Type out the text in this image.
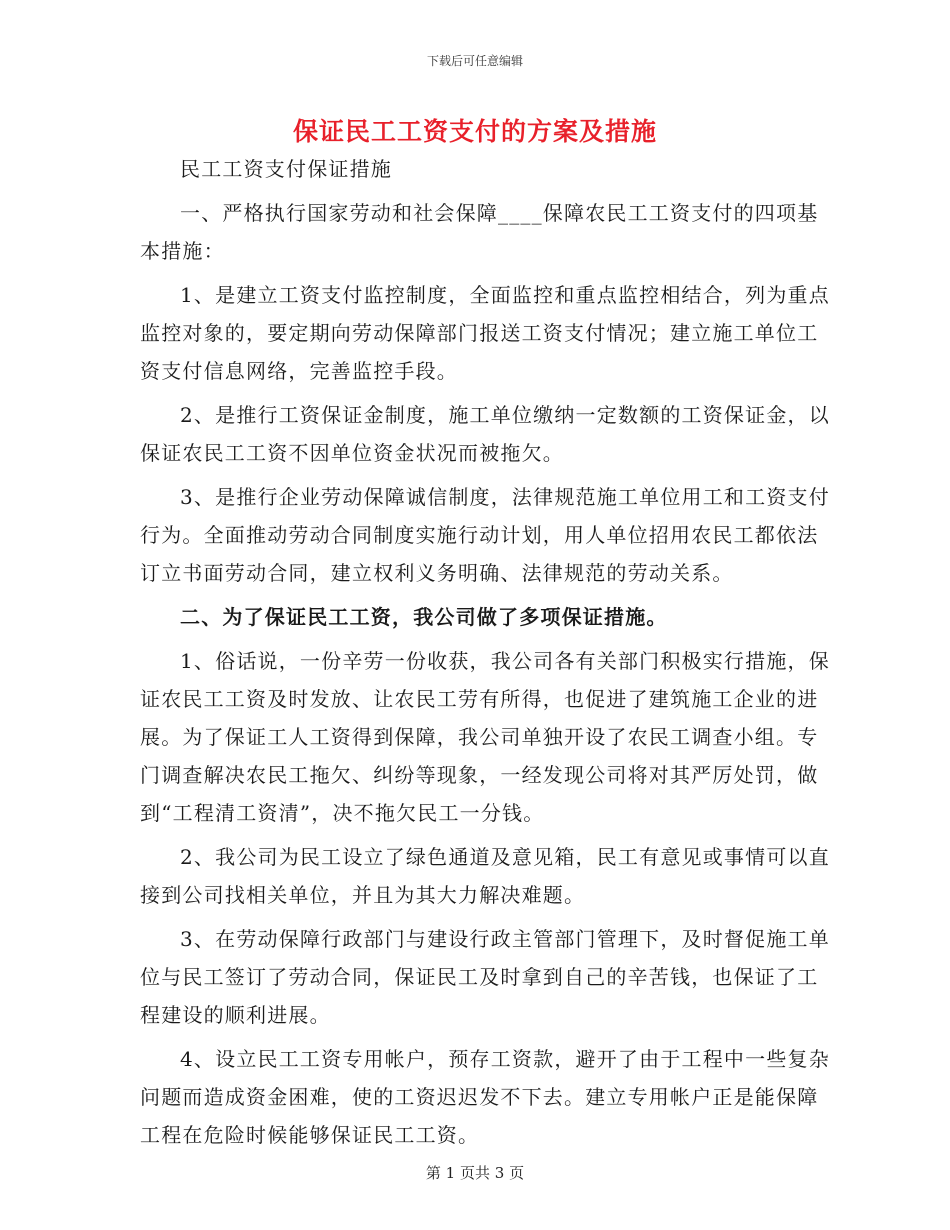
下载后可任意编辑
保证民工工资支付的方案及措施

民工工资支付保证措施

一、严格执行国家劳动和社会保障____保障农民工工资支付的四项基本措施：

1、是建立工资支付监控制度，全面监控和重点监控相结合，列为重点监控对象的，要定期向劳动保障部门报送工资支付情况；建立施工单位工资支付信息网络，完善监控手段。

2、是推行工资保证金制度，施工单位缴纳一定数额的工资保证金，以保证农民工工资不因单位资金状况而被拖欠。

3、是推行企业劳动保障诚信制度，法律规范施工单位用工和工资支付行为。全面推动劳动合同制度实施行动计划，用人单位招用农民工都依法订立书面劳动合同，建立权利义务明确、法律规范的劳动关系。

二、为了保证民工工资，我公司做了多项保证措施。

1、俗话说，一份辛劳一份收获，我公司各有关部门积极实行措施，保证农民工工资及时发放、让农民工劳有所得，也促进了建筑施工企业的进展。为了保证工人工资得到保障，我公司单独开设了农民工调查小组。专门调查解决农民工拖欠、纠纷等现象，一经发现公司将对其严厉处罚，做到“工程清工资清”，决不拖欠民工一分钱。

2、我公司为民工设立了绿色通道及意见箱，民工有意见或事情可以直接到公司找相关单位，并且为其大力解决难题。

3、在劳动保障行政部门与建设行政主管部门管理下，及时督促施工单位与民工签订了劳动合同，保证民工及时拿到自己的辛苦钱，也保证了工程建设的顺利进展。

4、设立民工工资专用帐户，预存工资款，避开了由于工程中一些复杂问题而造成资金困难，使的工资迟迟发不下去。建立专用帐户正是能保障工程在危险时候能够保证民工工资。

第 1 页共 3 页
